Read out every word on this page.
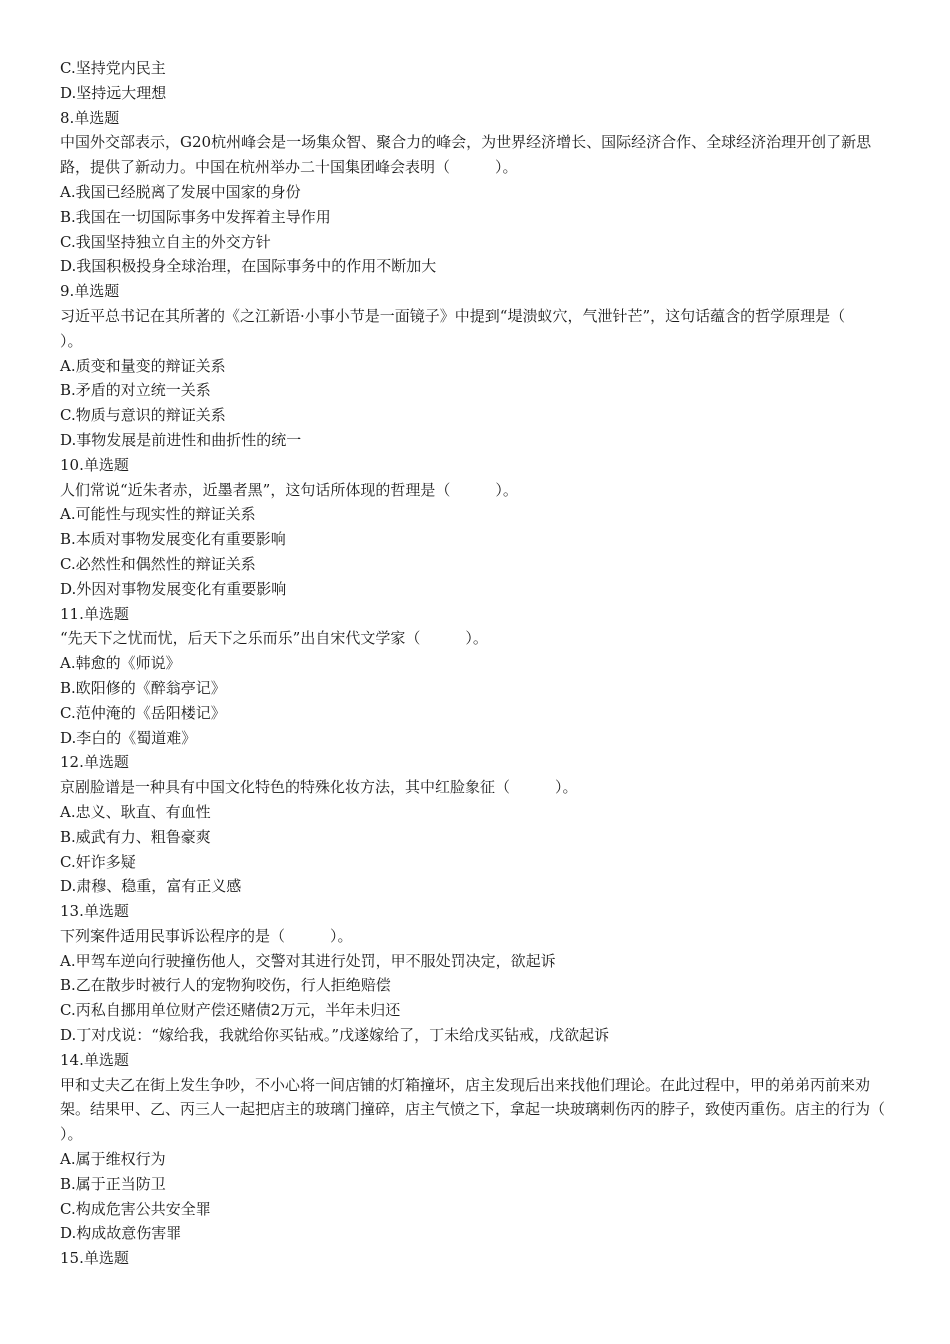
C.坚持党内民主

D.坚持远大理想

8.单选题

中国外交部表示，G20杭州峰会是一场集众智、聚合力的峰会，为世界经济增长、国际经济合作、全球经济治理开创了新思路，提供了新动力。中国在杭州举办二十国集团峰会表明（　　　）。

A.我国已经脱离了发展中国家的身份

B.我国在一切国际事务中发挥着主导作用

C.我国坚持独立自主的外交方针

D.我国积极投身全球治理，在国际事务中的作用不断加大

9.单选题

习近平总书记在其所著的《之江新语·小事小节是一面镜子》中提到“堤溃蚁穴，气泄针芒”，这句话蕴含的哲学原理是（　　　）。

A.质变和量变的辩证关系

B.矛盾的对立统一关系

C.物质与意识的辩证关系

D.事物发展是前进性和曲折性的统一

10.单选题

人们常说“近朱者赤，近墨者黑”，这句话所体现的哲理是（　　　）。

A.可能性与现实性的辩证关系

B.本质对事物发展变化有重要影响

C.必然性和偶然性的辩证关系

D.外因对事物发展变化有重要影响

11.单选题

“先天下之忧而忧，后天下之乐而乐”出自宋代文学家（　　　）。

A.韩愈的《师说》

B.欧阳修的《醉翁亭记》

C.范仲淹的《岳阳楼记》

D.李白的《蜀道难》

12.单选题

京剧脸谱是一种具有中国文化特色的特殊化妆方法，其中红脸象征（　　　）。

A.忠义、耿直、有血性

B.威武有力、粗鲁豪爽

C.奸诈多疑

D.肃穆、稳重，富有正义感

13.单选题

下列案件适用民事诉讼程序的是（　　　）。

A.甲驾车逆向行驶撞伤他人，交警对其进行处罚，甲不服处罚决定，欲起诉

B.乙在散步时被行人的宠物狗咬伤，行人拒绝赔偿

C.丙私自挪用单位财产偿还赌债2万元，半年未归还

D.丁对戊说：“嫁给我，我就给你买钻戒。”戊遂嫁给了，丁未给戊买钻戒，戊欲起诉

14.单选题

甲和丈夫乙在街上发生争吵，不小心将一间店铺的灯箱撞坏，店主发现后出来找他们理论。在此过程中，甲的弟弟丙前来劝架。结果甲、乙、丙三人一起把店主的玻璃门撞碎，店主气愤之下，拿起一块玻璃刺伤丙的脖子，致使丙重伤。店主的行为（　　　）。

A.属于维权行为

B.属于正当防卫

C.构成危害公共安全罪

D.构成故意伤害罪

15.单选题
